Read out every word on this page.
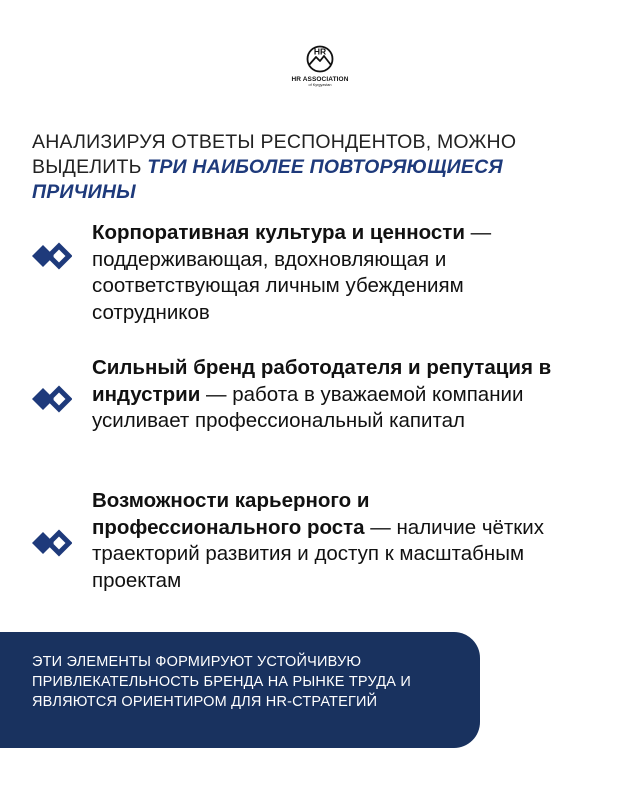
HR
HR ASSOCIATION
of Kyrgyzstan
АНАЛИЗИРУЯ ОТВЕТЫ РЕСПОНДЕНТОВ, МОЖНО ВЫДЕЛИТЬ ТРИ НАИБОЛЕЕ ПОВТОРЯЮЩИЕСЯ ПРИЧИНЫ
Корпоративная культура и ценности — поддерживающая, вдохновляющая и соответствующая личным убеждениям сотрудников
Сильный бренд работодателя и репутация в индустрии — работа в уважаемой компании усиливает профессиональный капитал
Возможности карьерного и профессионального роста — наличие чётких траекторий развития и доступ к масштабным проектам
ЭТИ ЭЛЕМЕНТЫ ФОРМИРУЮТ УСТОЙЧИВУЮ ПРИВЛЕКАТЕЛЬНОСТЬ БРЕНДА НА РЫНКЕ ТРУДА И ЯВЛЯЮТСЯ ОРИЕНТИРОМ ДЛЯ HR-СТРАТЕГИЙ
